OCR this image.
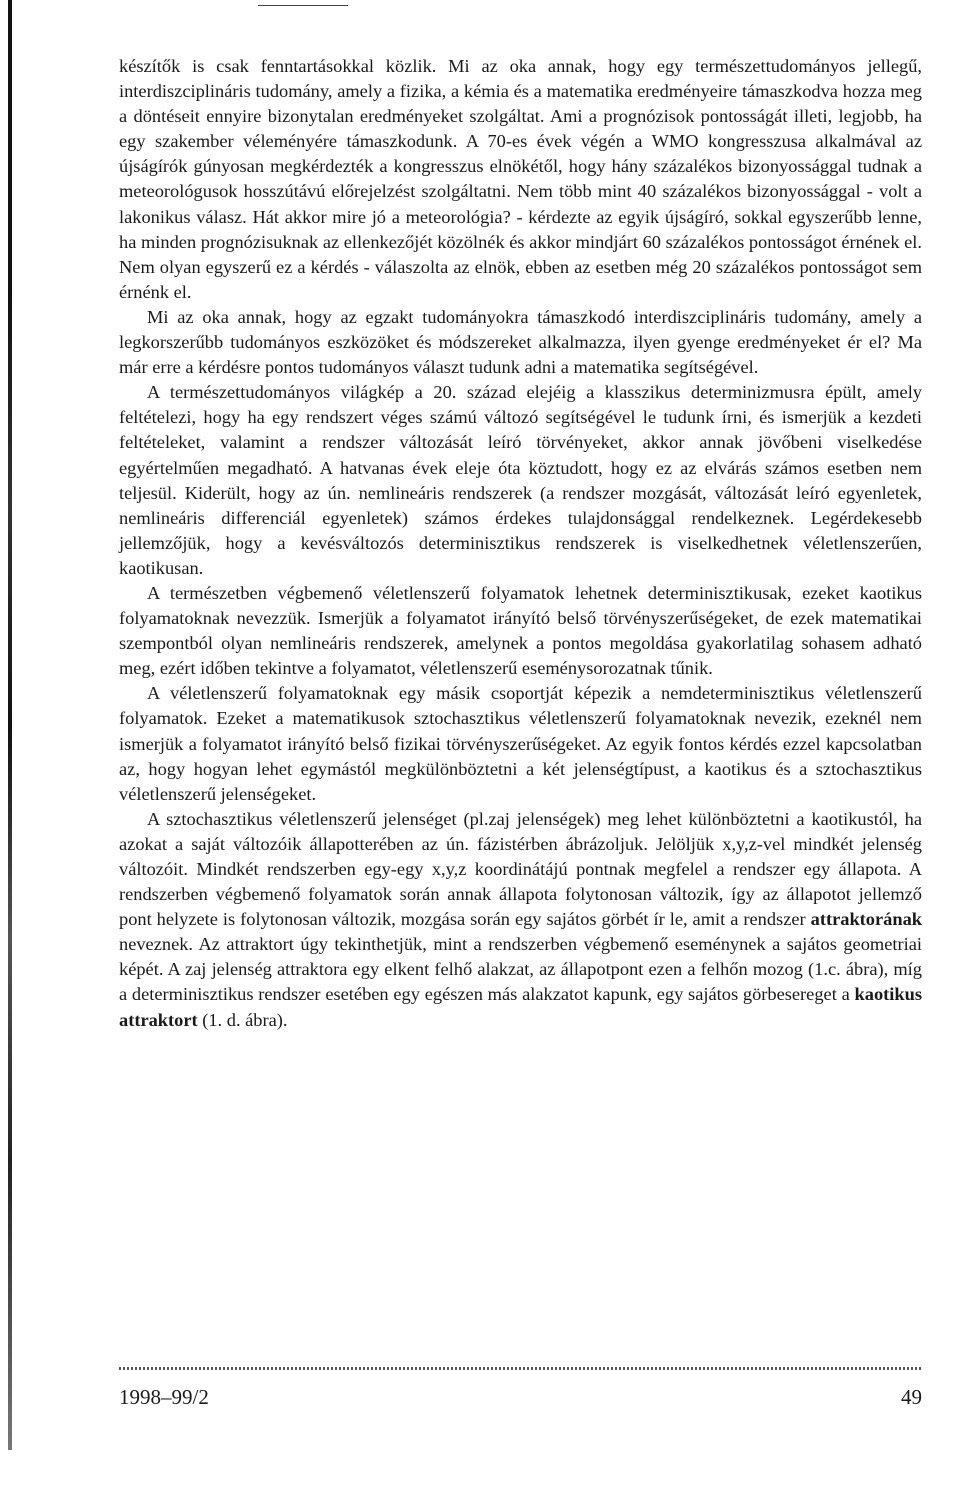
készítők is csak fenntartásokkal közlik. Mi az oka annak, hogy egy természettudományos jellegű, interdiszciplináris tudomány, amely a fizika, a kémia és a matematika eredményeire támaszkodva hozza meg a döntéseit ennyire bizonytalan eredményeket szolgáltat. Ami a prognózisok pontosságát illeti, legjobb, ha egy szakember véleményére támaszkodunk. A 70-es évek végén a WMO kongresszusa alkalmával az újságírók gúnyosan megkérdezték a kongresszus elnökétől, hogy hány százalékos bizonyossággal tudnak a meteorológusok hosszútávú előrejelzést szolgáltatni. Nem több mint 40 százalékos bizonyossággal - volt a lakonikus válasz. Hát akkor mire jó a meteorológia? - kérdezte az egyik újságíró, sokkal egyszerűbb lenne, ha minden prognózisuknak az ellenkezőjét közölnék és akkor mindjárt 60 százalékos pontosságot érnének el. Nem olyan egyszerű ez a kérdés - válaszolta az elnök, ebben az esetben még 20 százalékos pontosságot sem érnénk el.

Mi az oka annak, hogy az egzakt tudományokra támaszkodó interdiszciplináris tudomány, amely a legkorszerűbb tudományos eszközöket és módszereket alkalmazza, ilyen gyenge eredményeket ér el? Ma már erre a kérdésre pontos tudományos választ tudunk adni a matematika segítségével.

A természettudományos világkép a 20. század elejéig a klasszikus determinizmusra épült, amely feltételezi, hogy ha egy rendszert véges számú változó segítségével le tudunk írni, és ismerjük a kezdeti feltételeket, valamint a rendszer változását leíró törvényeket, akkor annak jövőbeni viselkedése egyértelműen megadható. A hatvanas évek eleje óta köztudott, hogy ez az elvárás számos esetben nem teljesül. Kiderült, hogy az ún. nemlineáris rendszerek (a rendszer mozgását, változását leíró egyenletek, nemlineáris differenciál egyenletek) számos érdekes tulajdonsággal rendelkeznek. Legérdekesebb jellemzőjük, hogy a kevésváltozós determinisztikus rendszerek is viselkedhetnek véletlenszerűen, kaotikusan.

A természetben végbemenő véletlenszerű folyamatok lehetnek determinisztikusak, ezeket kaotikus folyamatoknak nevezzük. Ismerjük a folyamatot irányító belső törvényszerűségeket, de ezek matematikai szempontból olyan nemlineáris rendszerek, amelynek a pontos megoldása gyakorlatilag sohasem adható meg, ezért időben tekintve a folyamatot, véletlenszerű eseménysorozatnak tűnik.

A véletlenszerű folyamatoknak egy másik csoportját képezik a nemdeterminisztikus véletlenszerű folyamatok. Ezeket a matematikusok sztochasztikus véletlenszerű folyamatoknak nevezik, ezeknél nem ismerjük a folyamatot irányító belső fizikai törvényszerűségeket. Az egyik fontos kérdés ezzel kapcsolatban az, hogy hogyan lehet egymástól megkülönböztetni a két jelenségtípust, a kaotikus és a sztochasztikus véletlenszerű jelenségeket.

A sztochasztikus véletlenszerű jelenséget (pl.zaj jelenségek) meg lehet különböztetni a kaotikustól, ha azokat a saját változóik állapotterében az ún. fázistérben ábrázoljuk. Jelöljük x,y,z-vel mindkét jelenség változóit. Mindkét rendszerben egy-egy x,y,z koordinátájú pontnak megfelel a rendszer egy állapota. A rendszerben végbemenő folyamatok során annak állapota folytonosan változik, így az állapotot jellemző pont helyzete is folytonosan változik, mozgása során egy sajátos görbét ír le, amit a rendszer attraktorának neveznek. Az attraktort úgy tekinthetjük, mint a rendszerben végbemenő eseménynek a sajátos geometriai képét. A zaj jelenség attraktora egy elkent felhő alakzat, az állapotpont ezen a felhőn mozog (1.c. ábra), míg a determinisztikus rendszer esetében egy egészen más alakzatot kapunk, egy sajátos görbesereget a kaotikus attraktort (1. d. ábra).

1998–99/2	49
